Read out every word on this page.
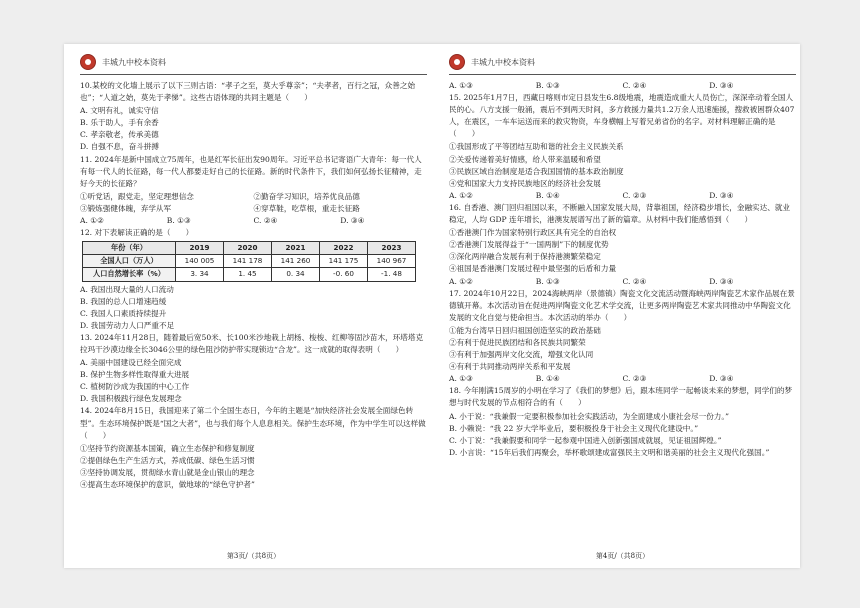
丰城九中校本资料
10.某校的文化墙上展示了以下三则古语：“孝子之至，莫大乎尊亲”；“夫孝者，百行之冠，众善之始也”；“人道之始，莫先于孝悌”。这些古语体现的共同主题是（　　）
A. 文明有礼，诚实守信
B. 乐于助人，手有余香
C. 孝亲敬老，传承美德
D. 自强不息，奋斗拼搏
11. 2024年是新中国成立75周年，也是红军长征出发90周年。习近平总书记寄语广大青年：每一代人有每一代人的长征路，每一代人都要走好自己的长征路。新的时代条件下，我们如何弘扬长征精神，走好今天的长征路？
①听党话，跟党走，坚定理想信念	②勤奋学习知识，培养优良品德
③锻炼强健体魄，弃学从军	④穿草鞋，吃草根，重走长征路
A. ①②	B. ①③	C. ②④	D. ③④
12. 对下表解读正确的是（　　）
年份（年）	2019	2020	2021	2022	2023
全国人口（万人）	140 005	141 178	141 260	141 175	140 967
人口自然增长率（%）	3. 34	1. 45	0. 34	-0. 60	-1. 48
A. 我国出现大量的人口流动
B. 我国的总人口增速趋缓
C. 我国人口素质持续提升
D. 我国劳动力人口严重不足
13. 2024年11月28日，随着最后宽50米、长100米沙地栽上胡杨、梭梭、红柳等固沙苗木，环塔塔克拉玛干沙漠边缘全长3046公里的绿色阻沙防护带实现锁边“合龙”。这一成就的取得表明（　　）
A. 美丽中国建设已经全面完成
B. 保护生物多样性取得重大进展
C. 植树防沙成为我国的中心工作
D. 我国积极践行绿色发展理念
14. 2024年8月15日，我国迎来了第二个全国生态日，今年的主题是“加快经济社会发展全面绿色转型”。生态环境保护既是“国之大者”，也与我们每个人息息相关。保护生态环境，作为中学生可以这样做（　　）
①坚持节约资源基本国策，确立生态保护和修复制度
②提倡绿色生产生活方式，养成低碳、绿色生活习惯
③坚持协调发展，贯彻绿水青山就是金山银山的理念
④提高生态环境保护的意识，做地球的“绿色守护者”
第3页/（共8页）
丰城九中校本资料
A. ①③	B. ①③	C. ②④	D. ③④
15. 2025年1月7日，西藏日喀则市定日县发生6.8级地震，地震造成重大人员伤亡，深深牵动着全国人民的心。八方支援一般涌，震后不到两天时间，多方救援力量共1.2万余人迅速施援，搜救被困群众407人，在震区，一车车运送而来的救灾物资，车身横幅上写着兄弟省份的名字。对材料理解正确的是（　　）
①我国形成了平等团结互助和谐的社会主义民族关系
②关爱传递着美好情感，给人带来温暖和希望
③民族区域自治制度是适合我国国情的基本政治制度
④党和国家大力支持民族地区的经济社会发展
A. ①②	B. ①④	C. ②③	D. ③④
16. 自香港、澳门回归祖国以来，不断融入国家发展大局，背靠祖国，经济稳步增长，金融实达、就业稳定，人均 GDP 连年增长，港澳发展谱写出了新的篇章。从材料中我们能感悟到（　　）
①香港澳门作为国家特别行政区具有完全的自治权
②香港澳门发展得益于“一国两制”下的制度优势
③深化两岸融合发展有利于保持港澳繁荣稳定
④祖国是香港澳门发展过程中最坚强的后盾和力量
A. ①②	B. ①③	C. ②④	D. ③④
17. 2024年10月22日，2024海峡两岸（景德镇）陶瓷文化交流活动暨海峡两岸陶瓷艺术家作品展在景德镇开幕。本次活动旨在促进两岸陶瓷文化艺术学交流，让更多两岸陶瓷艺术家共同推动中华陶瓷文化发展的文化自觉与使命担当。本次活动的举办（　　）
①能为台湾早日回归祖国创造坚实的政治基础
②有利于促进民族团结和各民族共同繁荣
③有利于加强两岸文化交流，增强文化认同
④有利于共同推动两岸关系和平发展
A. ①③	B. ①④	C. ②③	D. ③④
18. 今年刚满15周岁的小明在学习了《我们的梦想》后，跟本班同学一起畅谈未来的梦想，同学们的梦想与时代发展的节点相符合的有（　　）
A. 小于说：“我兼假一定要积极参加社会实践活动，为全面建成小康社会尽一份力。”
B. 小赖说：“我 22 岁大学毕业后，要积极投身于社会主义现代化建设中。”
C. 小丁说：“我兼假要和同学一起参观中国进入创新强国成就展，见证祖国辉煌。”
D. 小言说：“15年后我们再聚会，举杯歌颂建成富强民主文明和谐美丽的社会主义现代化强国。”
第4页/（共8页）
